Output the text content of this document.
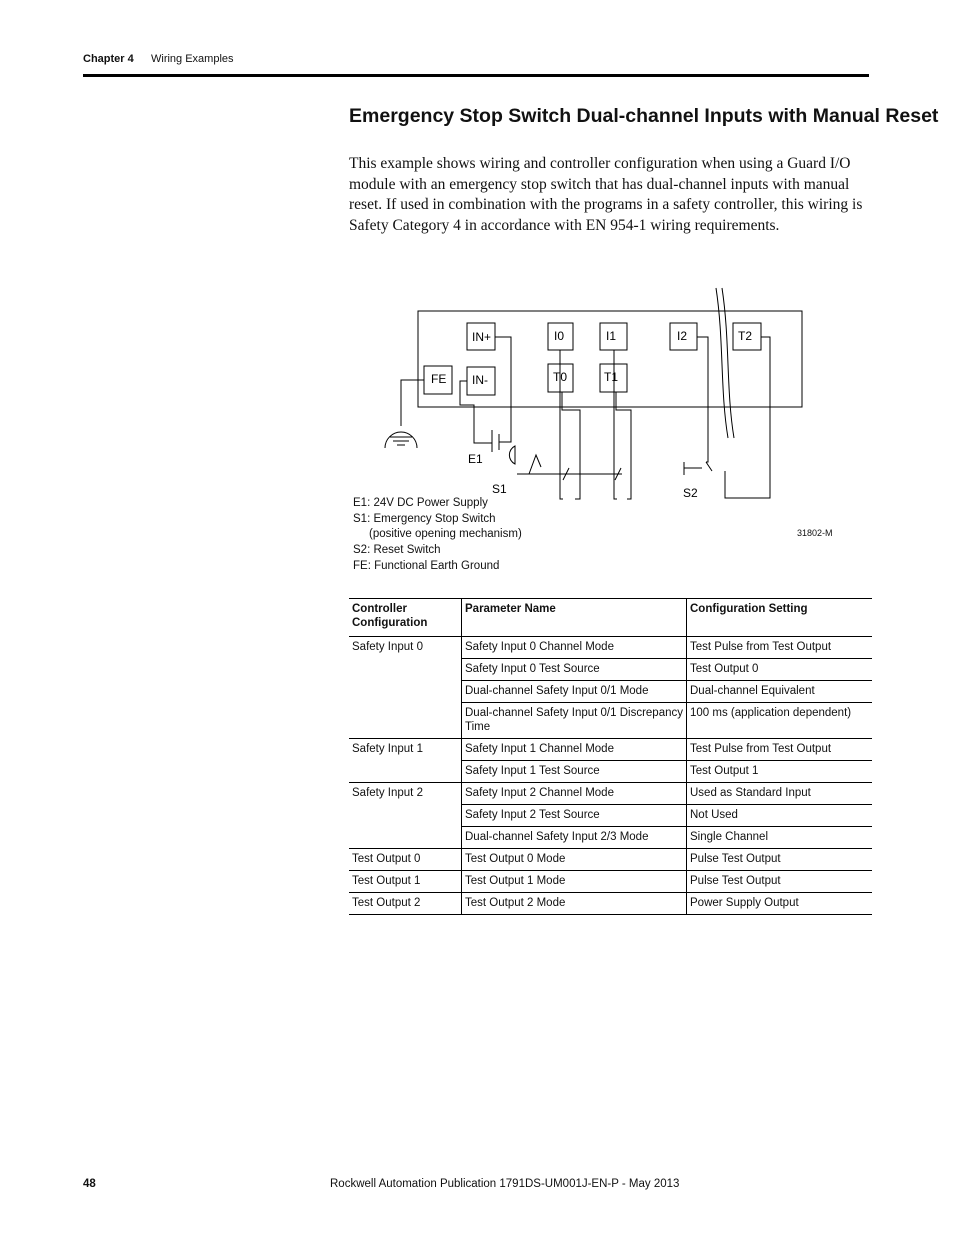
Chapter 4 Wiring Examples
Emergency Stop Switch Dual-channel Inputs with Manual Reset

This example shows wiring and controller configuration when using a Guard I/O module with an emergency stop switch that has dual-channel inputs with manual reset. If used in combination with the programs in a safety controller, this wiring is Safety Category 4 in accordance with EN 954-1 wiring requirements.

IN+
IN-
FE
I0	I1
T0	T1
I2	T2
E1
S1	S2
E1: 24V DC Power Supply
S1: Emergency Stop Switch
(positive opening mechanism)
S2: Reset Switch
FE: Functional Earth Ground
31802-M
Controller Configuration	Parameter Name	Configuration Setting
Safety Input 0	Safety Input 0 Channel Mode	Test Pulse from Test Output
	Safety Input 0 Test Source	Test Output 0
	Dual-channel Safety Input 0/1 Mode	Dual-channel Equivalent
	Dual-channel Safety Input 0/1 Discrepancy Time	100 ms (application dependent)
Safety Input 1	Safety Input 1 Channel Mode	Test Pulse from Test Output
	Safety Input 1 Test Source	Test Output 1
Safety Input 2	Safety Input 2 Channel Mode	Used as Standard Input
	Safety Input 2 Test Source	Not Used
	Dual-channel Safety Input 2/3 Mode	Single Channel
Test Output 0	Test Output 0 Mode	Pulse Test Output
Test Output 1	Test Output 1 Mode	Pulse Test Output
Test Output 2	Test Output 2 Mode	Power Supply Output
48	Rockwell Automation Publication 1791DS-UM001J-EN-P - May 2013
